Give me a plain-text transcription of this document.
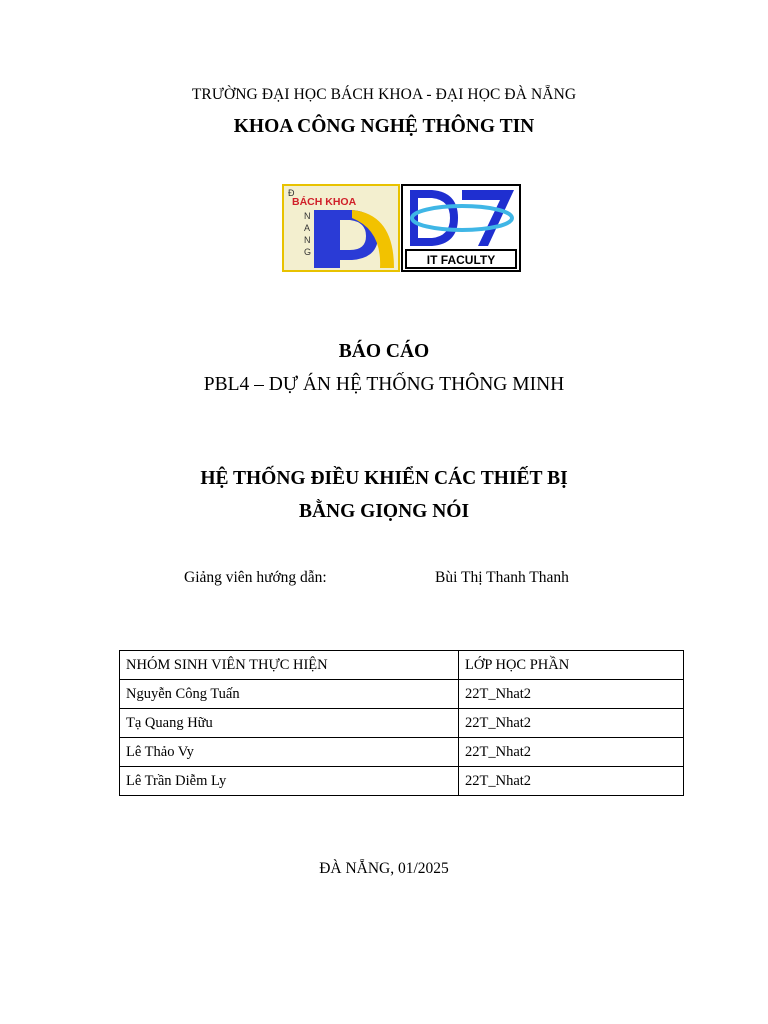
TRƯỜNG ĐẠI HỌC BÁCH KHOA - ĐẠI HỌC ĐÀ NẴNG
KHOA CÔNG NGHỆ THÔNG TIN
BÁCH KHOA
Đ
N
A
N
G
IT FACULTY
BÁO CÁO
PBL4 – DỰ ÁN HỆ THỐNG THÔNG MINH
HỆ THỐNG ĐIỀU KHIỂN CÁC THIẾT BỊ
BẰNG GIỌNG NÓI
Giảng viên hướng dẫn:	Bùi Thị Thanh Thanh
NHÓM SINH VIÊN THỰC HIỆN	LỚP HỌC PHẦN
Nguyễn Công Tuấn	22T_Nhat2
Tạ Quang Hữu	22T_Nhat2
Lê Thảo Vy	22T_Nhat2
Lê Trần Diễm Ly	22T_Nhat2
ĐÀ NẴNG, 01/2025
